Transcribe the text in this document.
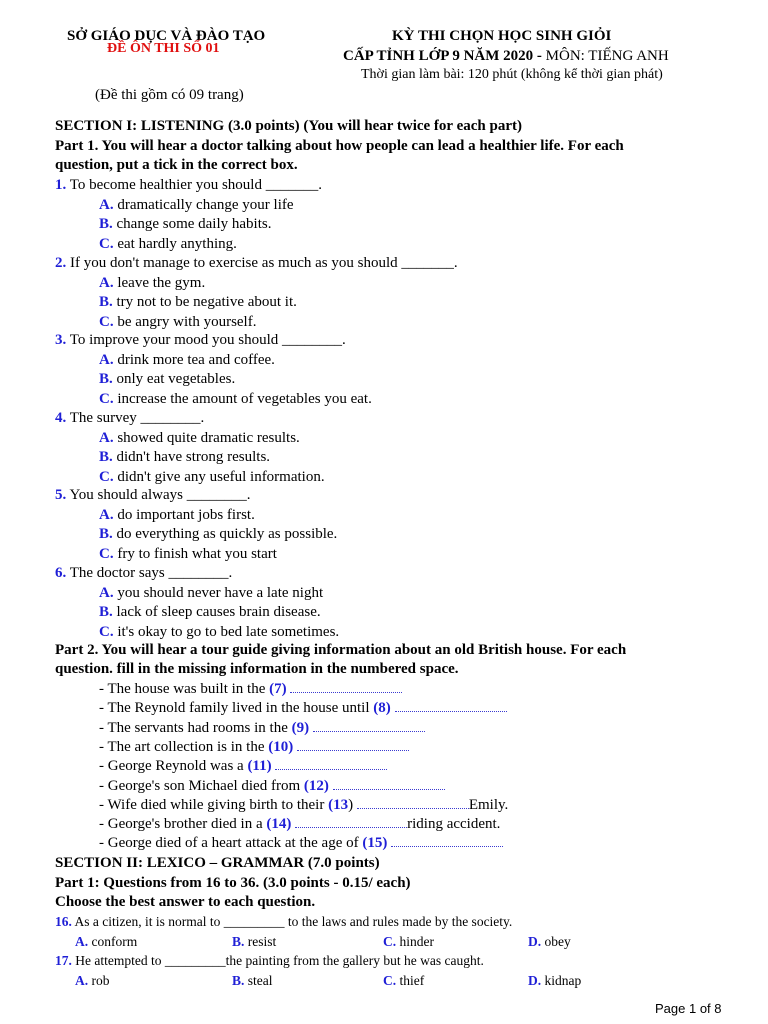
SỞ GIÁO DỤC VÀ ĐÀO TẠO
ĐỀ ÔN THI SỐ 01
KỲ THI CHỌN HỌC SINH GIỎI
CẤP TỈNH LỚP 9 NĂM 2020 - MÔN: TIẾNG ANH
Thời gian làm bài: 120 phút (không kể thời gian phát)
(Đề thi gồm có 09 trang)
SECTION I: LISTENING (3.0 points) (You will hear twice for each part)
Part 1. You will hear a doctor talking about how people can lead a healthier life. For each
question, put a tick in the correct box.
1. To become healthier you should _______.
A. dramatically change your life
B. change some daily habits.
C. eat hardly anything.
2. If you don't manage to exercise as much as you should _______.
A. leave the gym.
B. try not to be negative about it.
C. be angry with yourself.
3. To improve your mood you should ________.
A. drink more tea and coffee.
B. only eat vegetables.
C. increase the amount of vegetables you eat.
4. The survey ________.
A. showed quite dramatic results.
B. didn't have strong results.
C. didn't give any useful information.
5. You should always ________.
A. do important jobs first.
B. do everything as quickly as possible.
C. fry to finish what you start
6. The doctor says ________.
A. you should never have a late night
B. lack of sleep causes brain disease.
C. it's okay to go to bed late sometimes.
Part 2. You will hear a tour guide giving information about an old British house. For each
question. fill in the missing information in the numbered space.
- The house was built in the (7)
- The Reynold family lived in the house until (8)
- The servants had rooms in the (9)
- The art collection is in the (10)
- George Reynold was a (11)
- George's son Michael died from (12)
- Wife died while giving birth to their (13)	Emily.
- George's brother died in a (14)	riding accident.
- George died of a heart attack at the age of (15)
SECTION II: LEXICO – GRAMMAR (7.0 points)
Part 1: Questions from 16 to 36. (3.0 points - 0.15/ each)
Choose the best answer to each question.
16. As a citizen, it is normal to _________ to the laws and rules made by the society.
A. conform	B. resist	C. hinder	D. obey
17. He attempted to _________the painting from the gallery but he was caught.
A. rob	B. steal	C. thief	D. kidnap
Page 1 of 8
